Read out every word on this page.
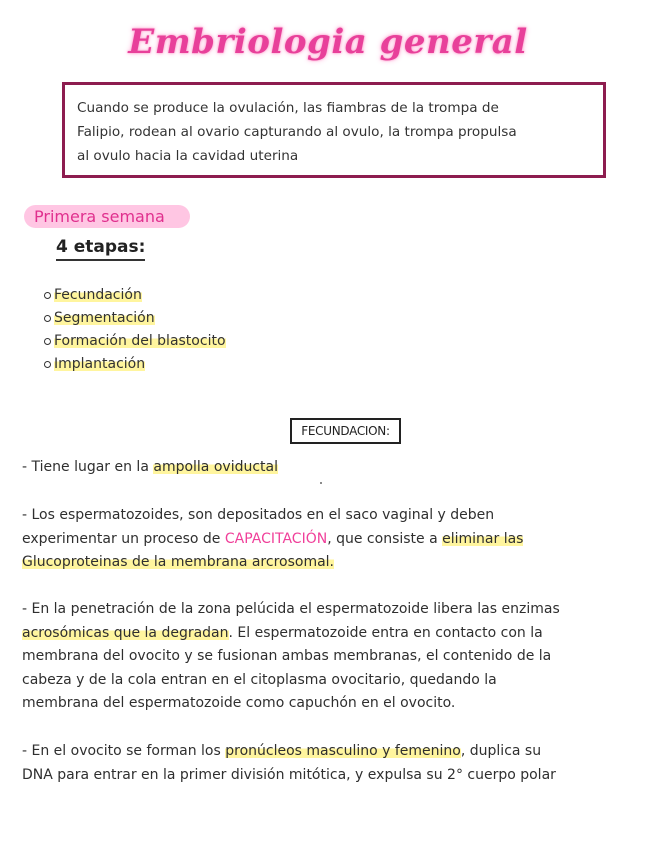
Embriologia general
Cuando se produce la ovulación, las fiambras de la trompa de
Falipio, rodean al ovario capturando al ovulo, la trompa propulsa
al ovulo hacia la cavidad uterina
Primera semana
4 etapas:
Fecundación
Segmentación
Formación del blastocito
Implantación
FECUNDACION:
- Tiene lugar en la ampolla oviductal
- Los espermatozoides, son depositados en el saco vaginal y deben
experimentar un proceso de CAPACITACIÓN, que consiste a eliminar las
Glucoproteinas de la membrana arcrosomal.
- En la penetración de la zona pelúcida el espermatozoide libera las enzimas
acrosómicas que la degradan. El espermatozoide entra en contacto con la
membrana del ovocito y se fusionan ambas membranas, el contenido de la
cabeza y de la cola entran en el citoplasma ovocitario, quedando la
membrana del espermatozoide como capuchón en el ovocito.
- En el ovocito se forman los pronúcleos masculino y femenino, duplica su
DNA para entrar en la primer división mitótica, y expulsa su 2° cuerpo polar
